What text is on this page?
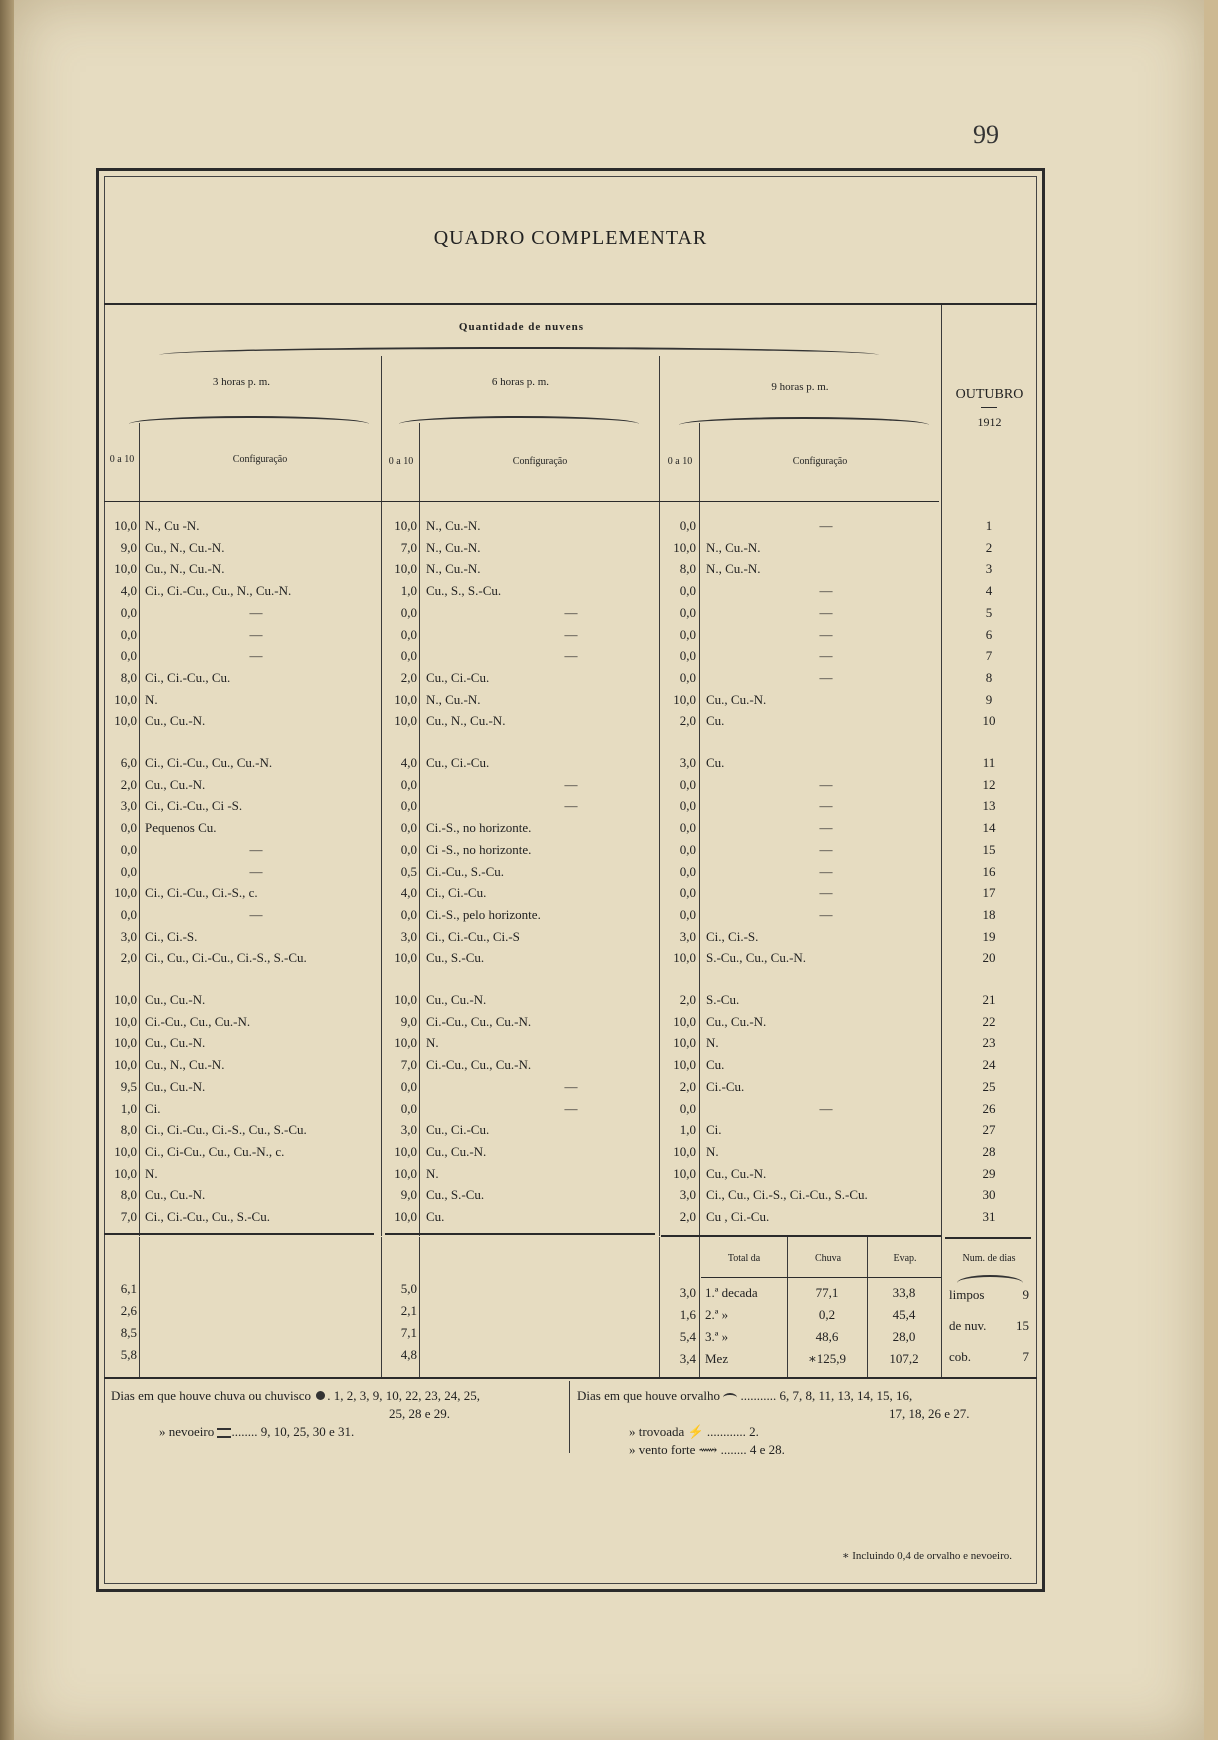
99
QUADRO COMPLEMENTAR
Quantidade de nuvens
3 horas p. m.	6 horas p. m.	9 horas p. m.	OUTUBRO
1912
0 a 10	Configuração	0 a 10	Configuração	0 a 10	Configuração
10,0 N., Cu -N.	10,0 N., Cu.-N.	0,0	—	1
9,0 Cu., N., Cu.-N.	7,0 N., Cu.-N.	10,0 N., Cu.-N.	2
10,0 Cu., N., Cu.-N.	10,0 N., Cu.-N.	8,0 N., Cu.-N.	3
4,0 Ci., Ci.-Cu., Cu., N., Cu.-N.	1,0 Cu., S., S.-Cu.	0,0	—	4
0,0	—	0,0	—	0,0	—	5
0,0	—	0,0	—	0,0	—	6
0,0	—	0,0	—	0,0	—	7
8,0 Ci., Ci.-Cu., Cu.	2,0 Cu., Ci.-Cu.	0,0	—	8
10,0 N.	10,0 N., Cu.-N.	10,0 Cu., Cu.-N.	9
10,0 Cu., Cu.-N.	10,0 Cu., N., Cu.-N.	2,0 Cu.	10
6,0 Ci., Ci.-Cu., Cu., Cu.-N.	4,0 Cu., Ci.-Cu.	3,0 Cu.	11
2,0 Cu., Cu.-N.	0,0	—	0,0	—	12
3,0 Ci., Ci.-Cu., Ci -S.	0,0	—	0,0	—	13
0,0 Pequenos Cu.	0,0 Ci.-S., no horizonte.	0,0	—	14
0,0	—	0,0 Ci -S., no horizonte.	0,0	—	15
0,0	—	0,5 Ci.-Cu., S.-Cu.	0,0	—	16
10,0 Ci., Ci.-Cu., Ci.-S., c.	4,0 Ci., Ci.-Cu.	0,0	—	17
0,0	—	0,0 Ci.-S., pelo horizonte.	0,0	—	18
3,0 Ci., Ci.-S.	3,0 Ci., Ci.-Cu., Ci.-S	3,0 Ci., Ci.-S.	19
2,0 Ci., Cu., Ci.-Cu., Ci.-S., S.-Cu.	10,0 Cu., S.-Cu.	10,0 S.-Cu., Cu., Cu.-N.	20
10,0 Cu., Cu.-N.	10,0 Cu., Cu.-N.	2,0 S.-Cu.	21
10,0 Ci.-Cu., Cu., Cu.-N.	9,0 Ci.-Cu., Cu., Cu.-N.	10,0 Cu., Cu.-N.	22
10,0 Cu., Cu.-N.	10,0 N.	10,0 N.	23
10,0 Cu., N., Cu.-N.	7,0 Ci.-Cu., Cu., Cu.-N.	10,0 Cu.	24
9,5 Cu., Cu.-N.	0,0	—	2,0 Ci.-Cu.	25
1,0 Ci.	0,0	—	0,0	—	26
8,0 Ci., Ci.-Cu., Ci.-S., Cu., S.-Cu.	3,0 Cu., Ci.-Cu.	1,0 Ci.	27
10,0 Ci., Ci-Cu., Cu., Cu.-N., c.	10,0 Cu., Cu.-N.	10,0 N.	28
10,0 N.	10,0 N.	10,0 Cu., Cu.-N.	29
8,0 Cu., Cu.-N.	9,0 Cu., S.-Cu.	3,0 Ci., Cu., Ci.-S., Ci.-Cu., S.-Cu.	30
7,0 Ci., Ci.-Cu., Cu., S.-Cu.	10,0 Cu.	2,0 Cu , Ci.-Cu.	31
Total da	Chuva	Evap.	Num. de dias
6,1	5,0	3,0 1.ª decada	77,1	33,8
2,6	2,1	1,6 2.ª »	0,2	45,4
8,5	7,1	5,4 3.ª »	48,6	28,0
5,8	4,8	3,4 Mez	∗125,9	107,2
limpos	9
de nuv.	15
cob.	7
Dias em que houve chuva ou chuvisco . 1, 2, 3, 9, 10, 22, 23, 24, 25,
25, 28 e 29.
» nevoeiro ........ 9, 10, 25, 30 e 31.
Dias em que houve orvalho  ........... 6, 7, 8, 11, 13, 14, 15, 16,
17, 18, 26 e 27.
» trovoada ⚡ ............ 2.
» vento forte ⟿ ........ 4 e 28.
∗ Incluindo 0,4 de orvalho e nevoeiro.
